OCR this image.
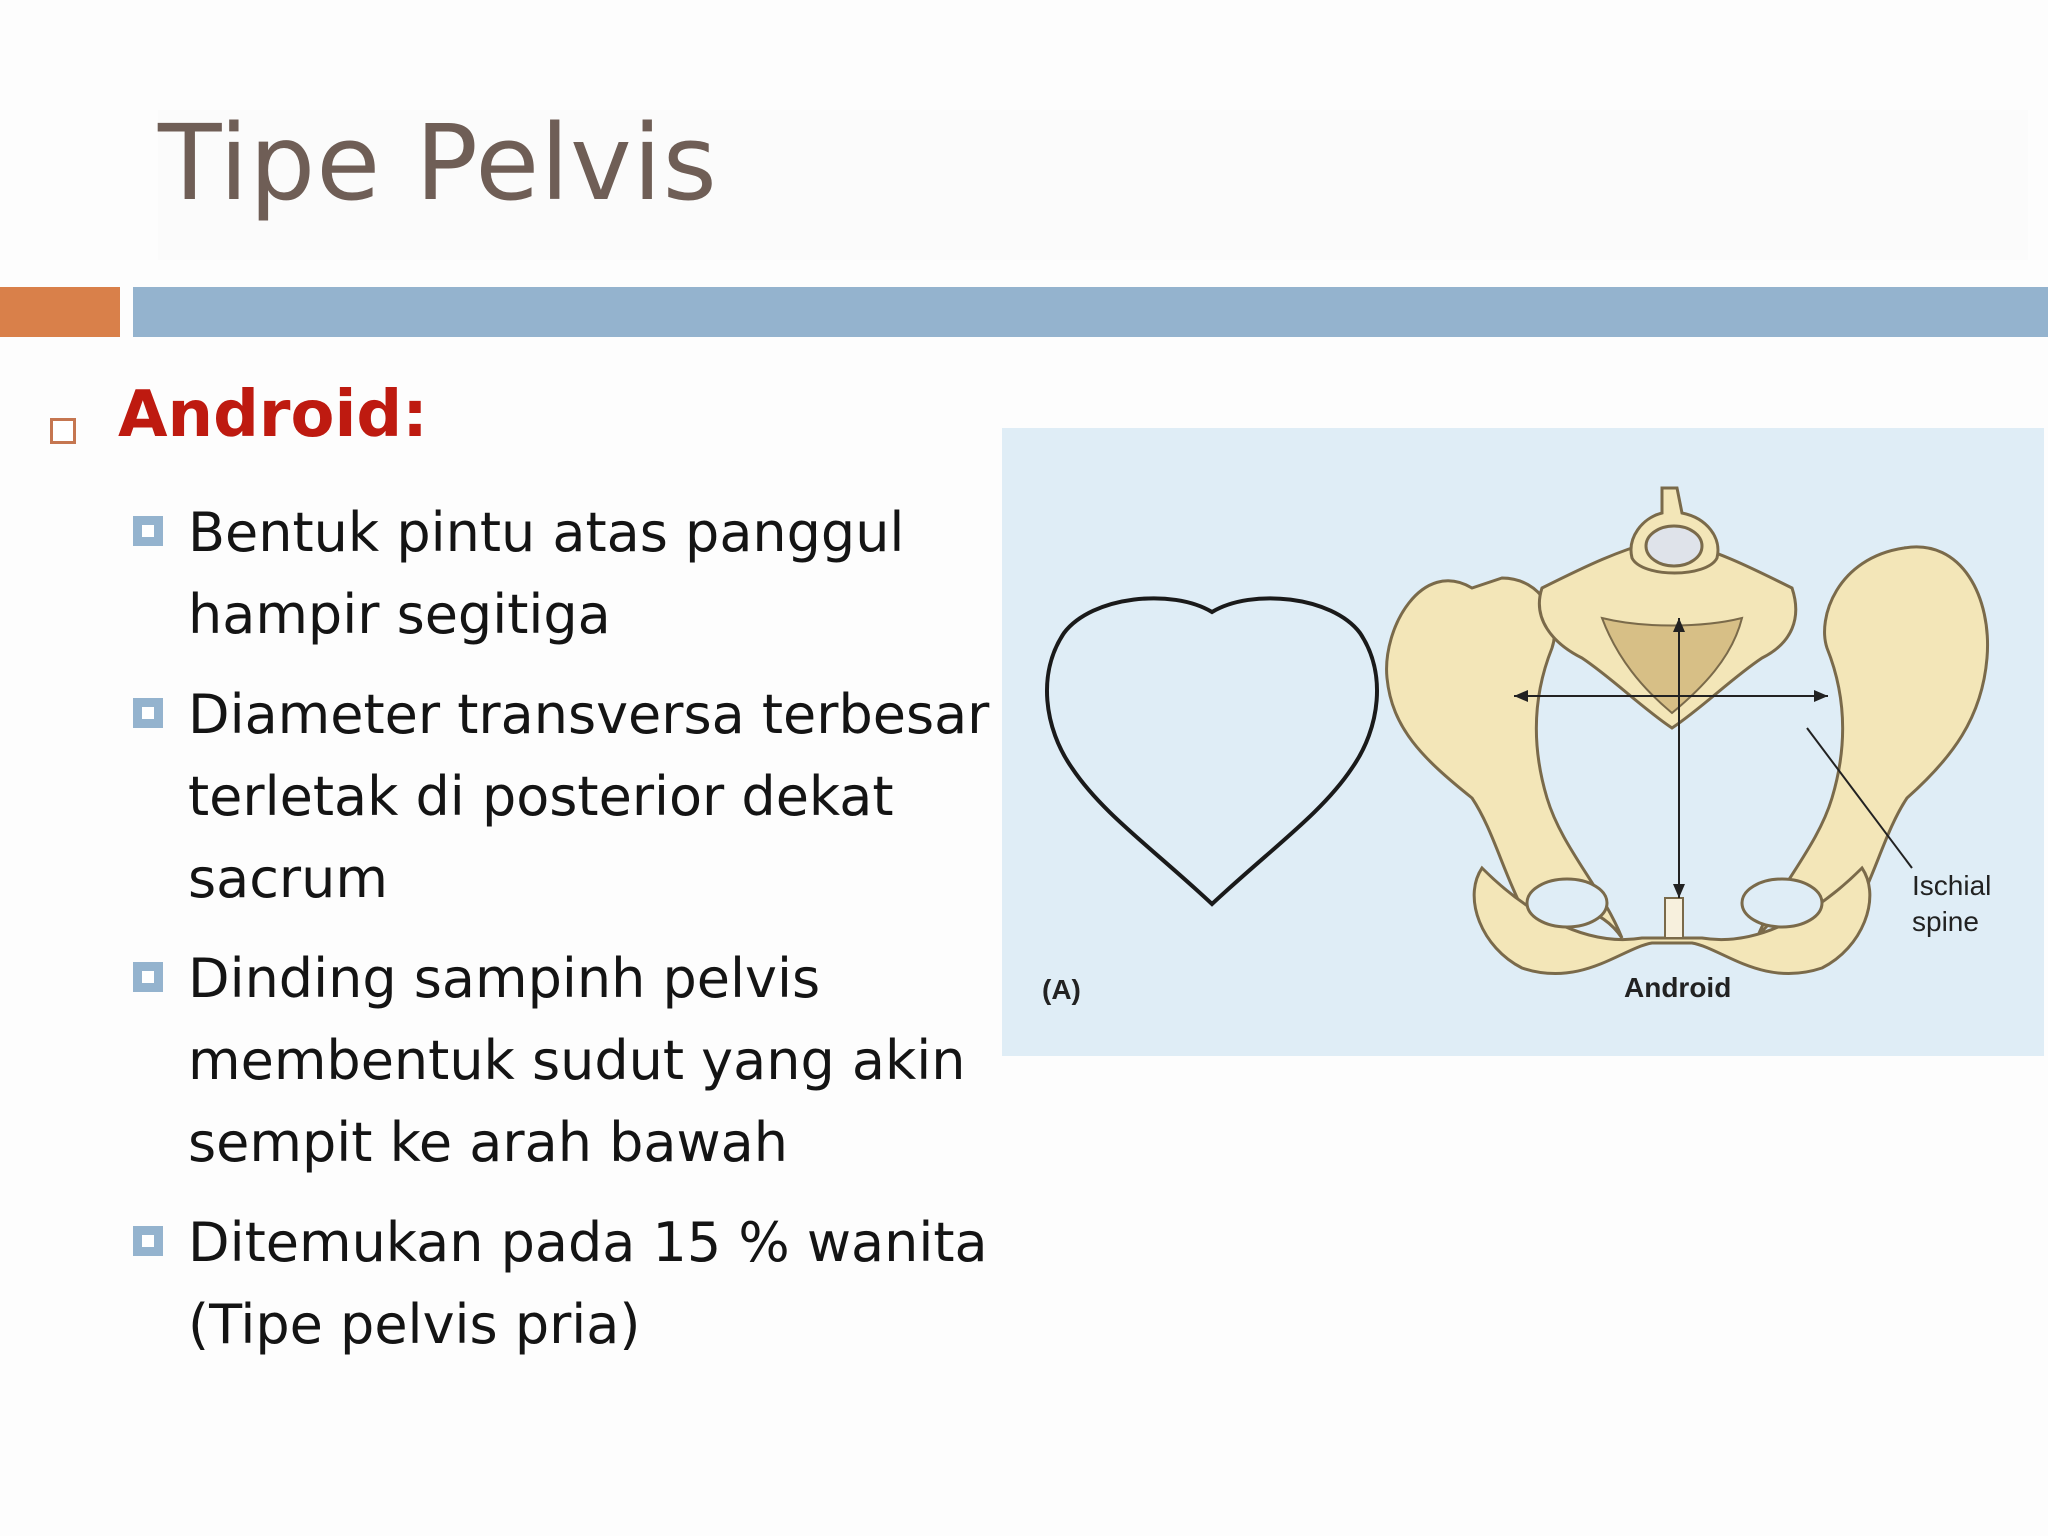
Tipe Pelvis
Android:
Bentuk pintu atas panggul hampir segitiga
Diameter transversa terbesar terletak di posterior dekat sacrum
Dinding sampinh pelvis membentuk sudut yang akin sempit ke arah bawah
Ditemukan pada 15 % wanita (Tipe pelvis pria)
(A)	Android
Ischial spine
